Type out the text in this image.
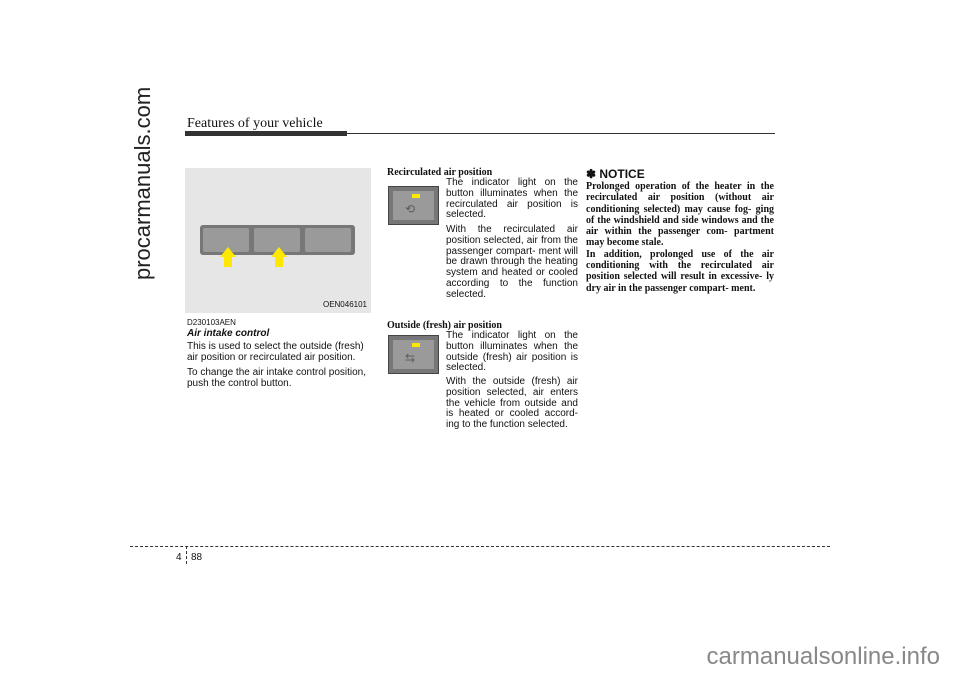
procarmanuals.com Features of your vehicle
OEN046101
D230103AEN
Air intake control
This is used to select the outside (fresh) air position or recirculated air position.
To change the air intake control position, push the control button.
Recirculated air position
⟲
The indicator light on the button illuminates when the recirculated air position is selected.
With the recirculated air position selected, air from the passenger compart- ment will be drawn through the heating system and heated or cooled according to the function selected.
Outside (fresh) air position
⇆
The indicator light on the button illuminates when the outside (fresh) air position is selected.
With the outside (fresh) air position selected, air enters the vehicle from outside and is heated or cooled accord- ing to the function selected.
✽ NOTICE
Prolonged operation of the heater in the recirculated air position (without air conditioning selected) may cause fog- ging of the windshield and side windows and the air within the passenger com- partment may become stale.
In addition, prolonged use of the air conditioning with the recirculated air position selected will result in excessive- ly dry air in the passenger compart- ment.
4 88
carmanualsonline.info
